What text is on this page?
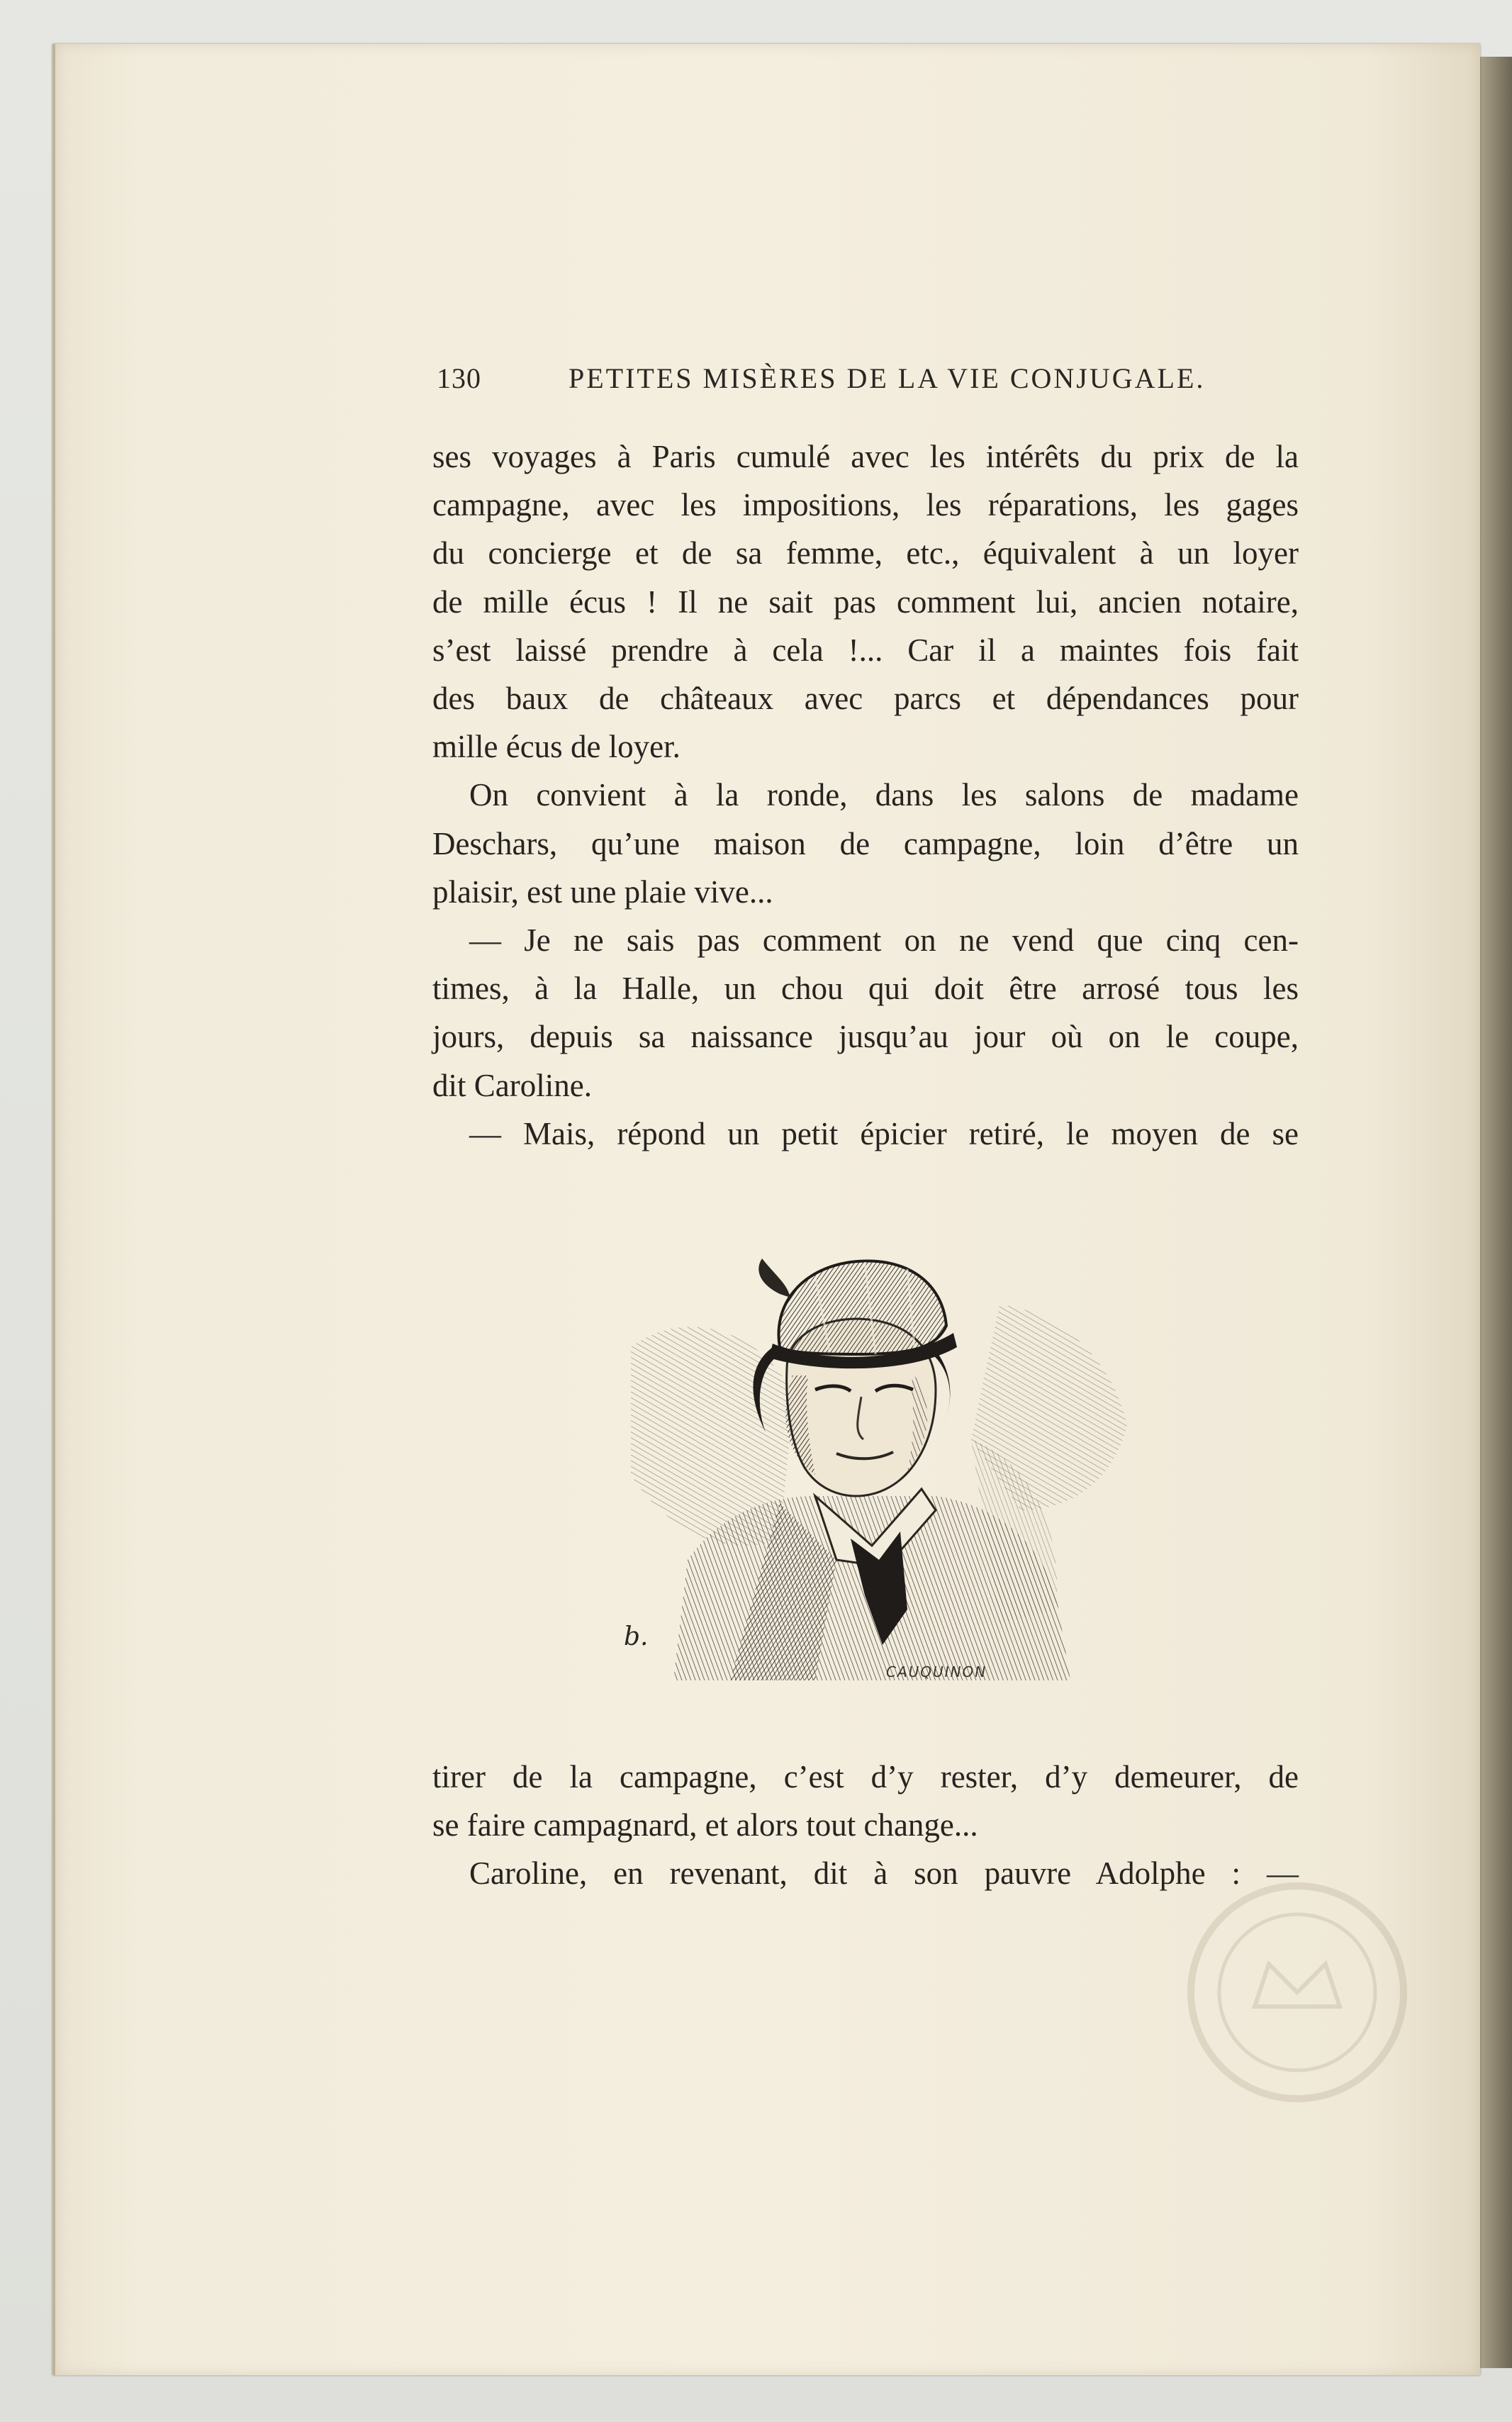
130	PETITES MISÈRES DE LA VIE CONJUGALE.
ses voyages à Paris cumulé avec les intérêts du prix de la
campagne, avec les impositions, les réparations, les gages
du concierge et de sa femme, etc., équivalent à un loyer
de mille écus ! Il ne sait pas comment lui, ancien notaire,
s’est laissé prendre à cela !... Car il a maintes fois fait
des baux de châteaux avec parcs et dépendances pour
mille écus de loyer.
On convient à la ronde, dans les salons de madame
Deschars, qu’une maison de campagne, loin d’être un
plaisir, est une plaie vive...
— Je ne sais pas comment on ne vend que cinq cen-
times, à la Halle, un chou qui doit être arrosé tous les
jours, depuis sa naissance jusqu’au jour où on le coupe,
dit Caroline.
— Mais, répond un petit épicier retiré, le moyen de se
b.
CAUQUINON
tirer de la campagne, c’est d’y rester, d’y demeurer, de
se faire campagnard, et alors tout change...
Caroline, en revenant, dit à son pauvre Adolphe : —
